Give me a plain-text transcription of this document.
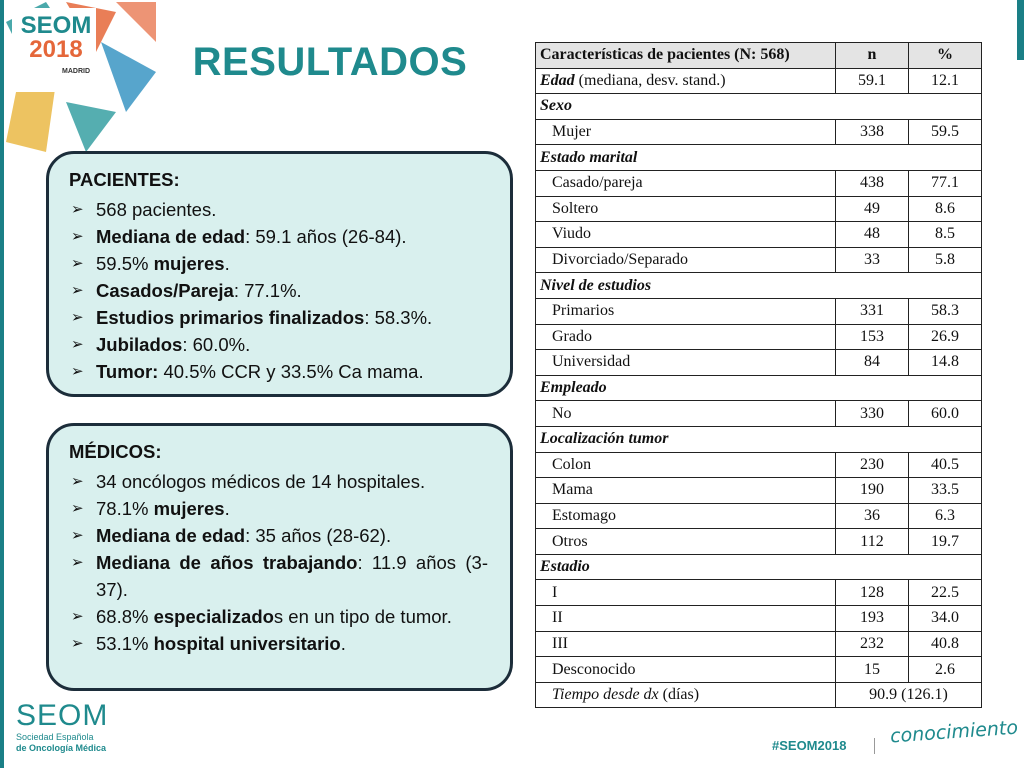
SEOM
2018
MADRID	RESULTADOS
PACIENTES:
➢ 568 pacientes.
➢ Mediana de edad: 59.1 años (26-84).
➢ 59.5% mujeres.
➢ Casados/Pareja: 77.1%.
➢ Estudios primarios finalizados: 58.3%.
➢ Jubilados: 60.0%.
➢ Tumor: 40.5% CCR y 33.5% Ca mama.
MÉDICOS:
➢ 34 oncólogos médicos de 14 hospitales.
➢ 78.1% mujeres.
➢ Mediana de edad: 35 años (28-62).
➢ Mediana de años trabajando: 11.9 años (3-37).
➢ 68.8% especializados en un tipo de tumor.
➢ 53.1% hospital universitario.
Características de pacientes (N: 568)	n	%
Edad (mediana, desv. stand.)	59.1	12.1
Sexo		
Mujer	338	59.5
Estado marital		
Casado/pareja	438	77.1
Soltero	49	8.6
Viudo	48	8.5
Divorciado/Separado	33	5.8
Nivel de estudios		
Primarios	331	58.3
Grado	153	26.9
Universidad	84	14.8
Empleado		
No	330	60.0
Localización tumor		
Colon	230	40.5
Mama	190	33.5
Estomago	36	6.3
Otros	112	19.7
Estadio		
I	128	22.5
II	193	34.0
III	232	40.8
Desconocido	15	2.6
Tiempo desde dx (días)	90.9 (126.1)	
SEOM
Sociedad Española
de Oncología Médica	#SEOM2018 conocimiento
